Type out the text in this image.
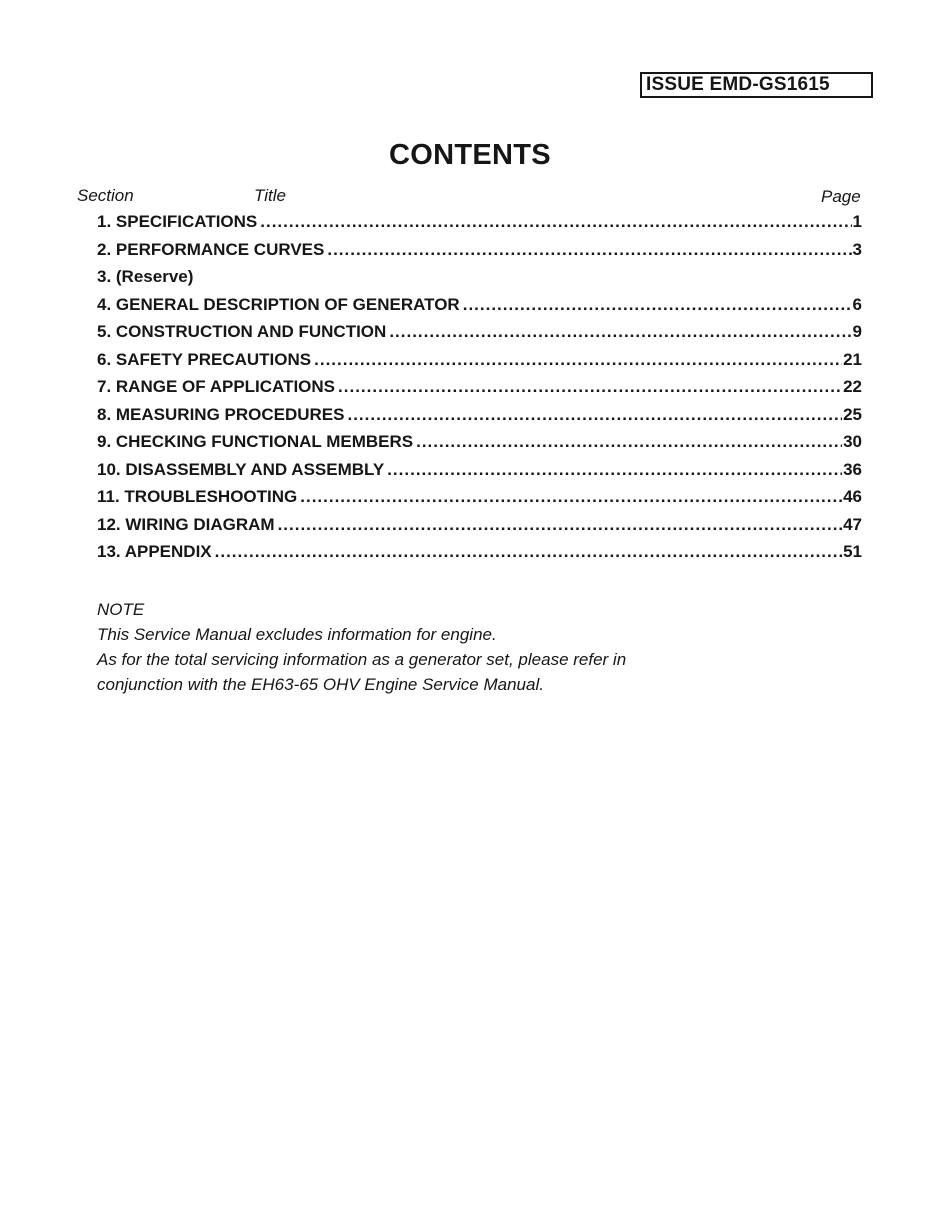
ISSUE EMD-GS1615
CONTENTS
Section	Title	Page
1. SPECIFICATIONS .....	1
2. PERFORMANCE CURVES .....	3
3. (Reserve)
4. GENERAL DESCRIPTION OF GENERATOR .....	6
5. CONSTRUCTION AND FUNCTION .....	9
6. SAFETY PRECAUTIONS .....	21
7. RANGE OF APPLICATIONS .....	22
8. MEASURING PROCEDURES .....	25
9. CHECKING FUNCTIONAL MEMBERS .....	30
10. DISASSEMBLY AND ASSEMBLY .....	36
11. TROUBLESHOOTING .....	46
12. WIRING DIAGRAM .....	47
13. APPENDIX .....	51

NOTE

This Service Manual excludes information for engine.

As for the total servicing information as a generator set, please refer in

conjunction with the EH63-65 OHV Engine Service Manual.
